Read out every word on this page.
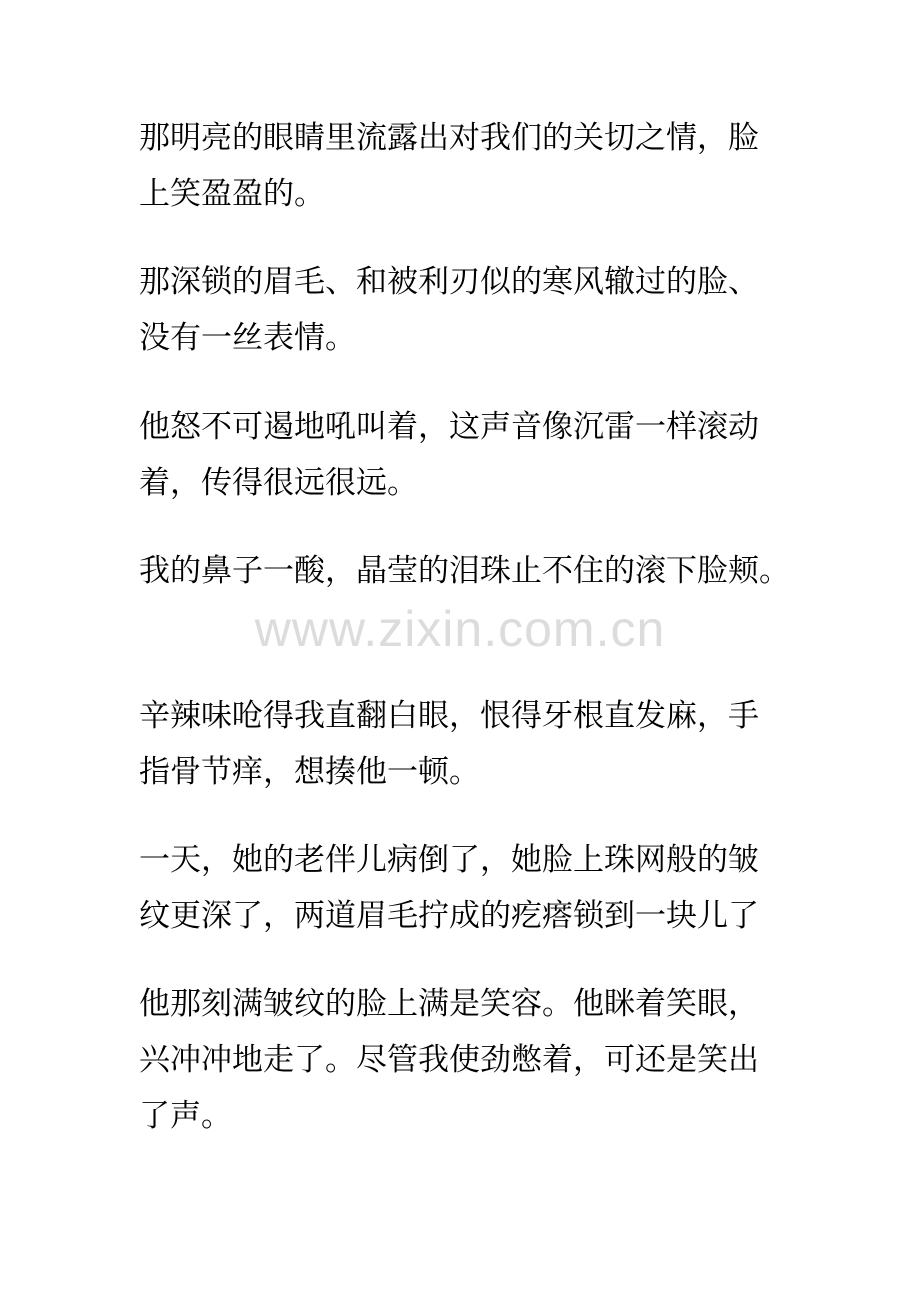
那明亮的眼睛里流露出对我们的关切之情，脸
上笑盈盈的。
那深锁的眉毛、和被利刃似的寒风辙过的脸、
没有一丝表情。
他怒不可遏地吼叫着，这声音像沉雷一样滚动
着，传得很远很远。
我的鼻子一酸，晶莹的泪珠止不住的滚下脸颊。
www.zixin.com.cn
辛辣味呛得我直翻白眼，恨得牙根直发麻，手
指骨节痒，想揍他一顿。
一天，她的老伴儿病倒了，她脸上珠网般的皱
纹更深了，两道眉毛拧成的疙瘩锁到一块儿了
他那刻满皱纹的脸上满是笑容。他眯着笑眼，
兴冲冲地走了。尽管我使劲憋着，可还是笑出
了声。
